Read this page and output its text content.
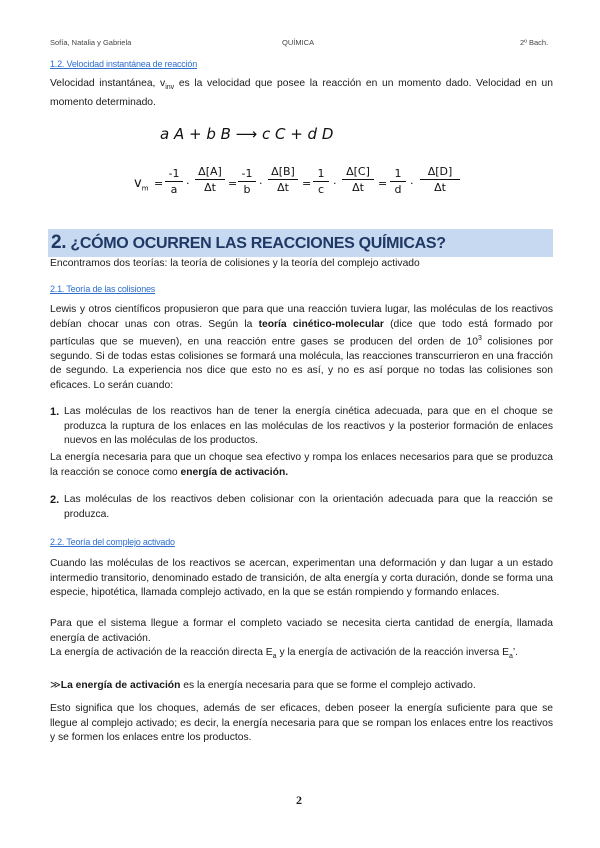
Sofía, Natalia y Gabriela	QUÍMICA	2º Bach.
1.2. Velocidad instantánea de reacción

Velocidad instantánea, $v_{inv}$ es la velocidad que posee la reacción en un momento dado. Velocidad en un momento determinado.

a A + b B ⟶ c C + d D
$v_m = \frac{-1}{a} \cdot \frac{\Delta[A]}{\Delta t} = \frac{-1}{b} \cdot \frac{\Delta[B]}{\Delta t} = \frac{1}{c} \cdot \frac{\Delta[C]}{\Delta t} = \frac{1}{d} \cdot \frac{\Delta[D]}{\Delta t}$
2. ¿CÓMO OCURREN LAS REACCIONES QUÍMICAS?

Encontramos dos teorías: la teoría de colisiones y la teoría del complejo activado

2.1. Teoría de las colisiones

Lewis y otros científicos propusieron que para que una reacción tuviera lugar, las moléculas de los reactivos debían chocar unas con otras. Según la teoría cinético-molecular (dice que todo está formado por partículas que se mueven), en una reacción entre gases se producen del orden de $10^3$ colisiones por segundo. Si de todas estas colisiones se formará una molécula, las reacciones transcurrieron en una fracción de segundo. La experiencia nos dice que esto no es así, y no es así porque no todas las colisiones son eficaces. Lo serán cuando:

1. Las moléculas de los reactivos han de tener la energía cinética adecuada, para que en el choque se produzca la ruptura de los enlaces en las moléculas de los reactivos y la posterior formación de enlaces nuevos en las moléculas de los productos.

La energía necesaria para que un choque sea efectivo y rompa los enlaces necesarios para que se produzca la reacción se conoce como energía de activación.

2. Las moléculas de los reactivos deben colisionar con la orientación adecuada para que la reacción se produzca.
2.2. Teoría del complejo activado

Cuando las moléculas de los reactivos se acercan, experimentan una deformación y dan lugar a un estado intermedio transitorio, denominado estado de transición, de alta energía y corta duración, donde se forma una especie, hipotética, llamada complejo activado, en la que se están rompiendo y formando enlaces.

Para que el sistema llegue a formar el completo vaciado se necesita cierta cantidad de energía, llamada energía de activación.

La energía de activación de la reacción directa $E_a$ y la energía de activación de la reacción inversa $E_a$’.

≫La energía de activación es la energía necesaria para que se forme el complejo activado.

Esto significa que los choques, además de ser eficaces, deben poseer la energía suficiente para que se llegue al complejo activado; es decir, la energía necesaria para que se rompan los enlaces entre los reactivos y se formen los enlaces entre los productos.

2
